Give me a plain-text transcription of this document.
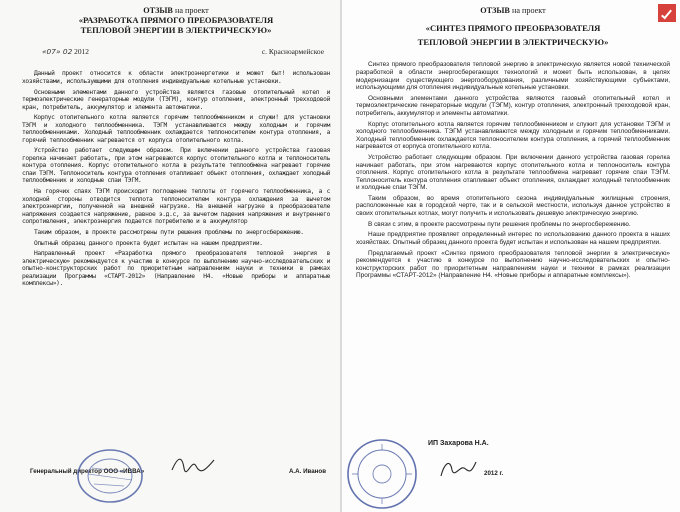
ОТЗЫВ на проект
«РАЗРАБОТКА ПРЯМОГО ПРЕОБРАЗОВАТЕЛЯ
ТЕПЛОВОЙ ЭНЕРГИИ В ЭЛЕКТРИЧЕСКУЮ»
«07» 02 2012	с. Красноармейское

Данный проект относится к области электроэнергетики и может быт! использован хозяйствами, использующими для отопления индивидуальные котельные установки.

Основными элементами данного устройства являются газовые отопительный котел и термоэлектрические генераторные модули (ТЭГМ), контур отопления, электронный трехходовой кран, потребитель, аккумулятор и элемента автоматики.

Корпус отопительного котла является горячим теплообменником и служи! для установки ТЭГМ и холодного теплообменника. ТЭГМ устанавливаются между холодным и горячим теплообменниками. Холодный теплообменник охлаждается теплоносителем контура отопления, а горячий теплообменник нагревается от корпуса отопительного котла.

Устройство работает следующим образом. При включении данного устройства газовая горелка начинает работать, при этом нагреваются корпус отопительного котла и теплоноситель контура отопления. Корпус отопительного котла в результате теплообмена нагревает горячие спаи ТЭГМ. Теплоноситель контура отопления отапливает объект отопления, охлаждает холодный теплообменник и холодные спаи ТЭГМ.

На горячих спаях ТЭГМ происходит поглощение теплоты от горячего теплообменника, а с холодной стороны отводится теплота теплоносителем контура охлаждения за вычетом электроэнергии, полученной на внешней нагрузке. На внешней нагрузке в преобразователе напряжения создается напряжение, равное э.д.с, за вычетом падения напряжения и внутреннего сопротивления, электроэнергия подается потребителю и в аккумулятор

Таким образом, в проекте рассмотрены пути решения проблемы по энергосбережению.

Опытный образец данного проекта будет испытан на нашем предприятии.

Направленный проект «Разработка прямого преобразователя тепловой энергия в электрическую» рекомендуется к участию в конкурсе по выполнению научно-исследовательских и опытно-конструкторских работ по приоритетным направлениям науки и техники в рамках реализации Программы «СТАРТ-2012» (Направление Н4. «Новые приборы и аппаратные комплексы»).

Генеральный директор ООО «ИВВА»	А.А. Иванов
ОТЗЫВ на проект
«СИНТЕЗ ПРЯМОГО ПРЕОБРАЗОВАТЕЛЯ
ТЕПЛОВОЙ ЭНЕРГИИ В ЭЛЕКТРИЧЕСКУЮ»

Синтез прямого преобразователя тепловой энергию в электрическую является новой технической разработкой в области энергосберегающих технологий и может быть использован, в целях модернизации существующего энергооборудования, различными хозяйствующими субъектами, использующими для отопления индивидуальные котельные установки.

Основными элементами данного устройства являются газовый отопительный котел и термоэлектрические генераторные модули (ТЭГМ), контур отопления, электронный трехходовой кран, потребитель, аккумулятор и элементы автоматики.

Корпус отопительного котла является горячим теплообменником и служит для установки ТЭГМ и холодного теплообменника. ТЭГМ устанавливаются между холодным и горячим теплообменниками. Холодный теплообменник охлаждается теплоносителем контура отопления, а горячий теплообменник нагревается от корпуса отопительного котла.

Устройство работает следующим образом. При включении данного устройства газовая горелка начинает работать, при этом нагреваются корпус отопительного котла и теплоноситель контура отопления. Корпус отопительного котла в результате теплообмена нагревает горячие спаи ТЭГМ. Теплоноситель контура отопления отапливает объект отопления, охлаждает холодный теплообменник и холодные спаи ТЭГМ.

Таким образом, во время отопительного сезона индивидуальные жилищные строения, расположенные как в городской черте, так и в сельской местности, используя данное устройство в своих отопительных котлах, могут получить и использовать дешевую электрическую энергию.

В связи с этим, в проекте рассмотрены пути решения проблемы по энергосбережению.

Наше предприятие проявляет определенный интерес по использованию данного проекта в наших хозяйствах. Опытный образец данного проекта будет испытан и использован на нашем предприятии.

Предлагаемый проект «Синтез прямого преобразователя тепловой энергии в электрическую» рекомендуется к участию в конкурсе по выполнению научно-исследовательских и опытно-конструкторских работ по приоритетным направлениям науки и техники в рамках реализации Программы «СТАРТ-2012» (Направление Н4. «Новые приборы и аппаратные комплексы»).

2012 г.
ИП Захарова Н.А.
